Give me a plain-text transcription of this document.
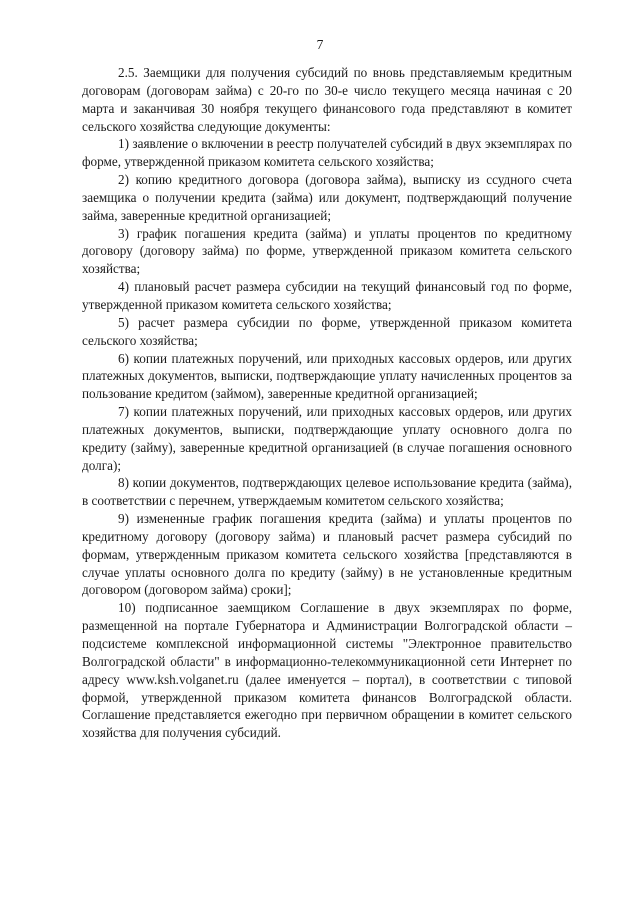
7

2.5. Заемщики для получения субсидий по вновь представляемым кредитным договорам (договорам займа) с 20-го по 30-е число текущего месяца начиная с 20 марта и заканчивая 30 ноября текущего финансового года представляют в комитет сельского хозяйства следующие документы:

1) заявление о включении в реестр получателей субсидий в двух экземплярах по форме, утвержденной приказом комитета сельского хозяйства;

2) копию кредитного договора (договора займа), выписку из ссудного счета заемщика о получении кредита (займа) или документ, подтверждающий получение займа, заверенные кредитной организацией;

3) график погашения кредита (займа) и уплаты процентов по кредитному договору (договору займа) по форме, утвержденной приказом комитета сельского хозяйства;

4) плановый расчет размера субсидии на текущий финансовый год по форме, утвержденной приказом комитета сельского хозяйства;

5) расчет размера субсидии по форме, утвержденной приказом комитета сельского хозяйства;

6) копии платежных поручений, или приходных кассовых ордеров, или других платежных документов, выписки, подтверждающие уплату начисленных процентов за пользование кредитом (займом), заверенные кредитной организацией;

7) копии платежных поручений, или приходных кассовых ордеров, или других платежных документов, выписки, подтверждающие уплату основного долга по кредиту (займу), заверенные кредитной организацией (в случае погашения основного долга);

8) копии документов, подтверждающих целевое использование кредита (займа), в соответствии с перечнем, утверждаемым комитетом сельского хозяйства;

9) измененные график погашения кредита (займа) и уплаты процентов по кредитному договору (договору займа) и плановый расчет размера субсидий по формам, утвержденным приказом комитета сельского хозяйства [представляются в случае уплаты основного долга по кредиту (займу) в не установленные кредитным договором (договором займа) сроки];

10) подписанное заемщиком Соглашение в двух экземплярах по форме, размещенной на портале Губернатора и Администрации Волгоградской области – подсистеме комплексной информационной системы "Электронное правительство Волгоградской области" в информационно-телекоммуникационной сети Интернет по адресу www.ksh.volganet.ru (далее именуется – портал), в соответствии с типовой формой, утвержденной приказом комитета финансов Волгоградской области. Соглашение представляется ежегодно при первичном обращении в комитет сельского хозяйства для получения субсидий.
